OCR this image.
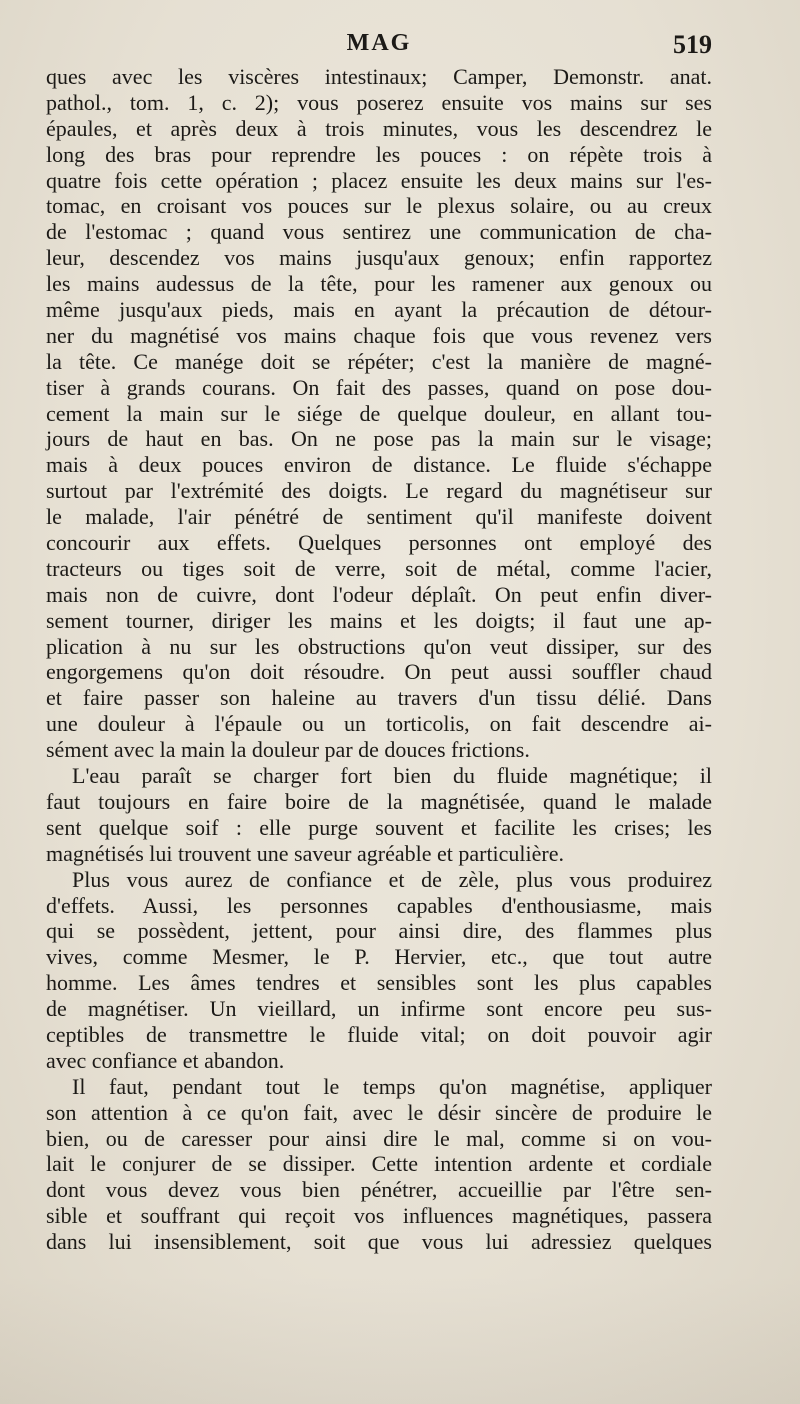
MAG	519
ques avec les viscères intestinaux; Camper, Demonstr. anat.
pathol., tom. 1, c. 2); vous poserez ensuite vos mains sur ses
épaules, et après deux à trois minutes, vous les descendrez le
long des bras pour reprendre les pouces : on répète trois à
quatre fois cette opération ; placez ensuite les deux mains sur l'es-
tomac, en croisant vos pouces sur le plexus solaire, ou au creux
de l'estomac ; quand vous sentirez une communication de cha-
leur, descendez vos mains jusqu'aux genoux; enfin rapportez
les mains audessus de la tête, pour les ramener aux genoux ou
même jusqu'aux pieds, mais en ayant la précaution de détour-
ner du magnétisé vos mains chaque fois que vous revenez vers
la tête. Ce manége doit se répéter; c'est la manière de magné-
tiser à grands courans. On fait des passes, quand on pose dou-
cement la main sur le siége de quelque douleur, en allant tou-
jours de haut en bas. On ne pose pas la main sur le visage;
mais à deux pouces environ de distance. Le fluide s'échappe
surtout par l'extrémité des doigts. Le regard du magnétiseur sur
le malade, l'air pénétré de sentiment qu'il manifeste doivent
concourir aux effets. Quelques personnes ont employé des
tracteurs ou tiges soit de verre, soit de métal, comme l'acier,
mais non de cuivre, dont l'odeur déplaît. On peut enfin diver-
sement tourner, diriger les mains et les doigts; il faut une ap-
plication à nu sur les obstructions qu'on veut dissiper, sur des
engorgemens qu'on doit résoudre. On peut aussi souffler chaud
et faire passer son haleine au travers d'un tissu délié. Dans
une douleur à l'épaule ou un torticolis, on fait descendre ai-
sément avec la main la douleur par de douces frictions.
L'eau paraît se charger fort bien du fluide magnétique; il
faut toujours en faire boire de la magnétisée, quand le malade
sent quelque soif : elle purge souvent et facilite les crises; les
magnétisés lui trouvent une saveur agréable et particulière.
Plus vous aurez de confiance et de zèle, plus vous produirez
d'effets. Aussi, les personnes capables d'enthousiasme, mais
qui se possèdent, jettent, pour ainsi dire, des flammes plus
vives, comme Mesmer, le P. Hervier, etc., que tout autre
homme. Les âmes tendres et sensibles sont les plus capables
de magnétiser. Un vieillard, un infirme sont encore peu sus-
ceptibles de transmettre le fluide vital; on doit pouvoir agir
avec confiance et abandon.
Il faut, pendant tout le temps qu'on magnétise, appliquer
son attention à ce qu'on fait, avec le désir sincère de produire le
bien, ou de caresser pour ainsi dire le mal, comme si on vou-
lait le conjurer de se dissiper. Cette intention ardente et cordiale
dont vous devez vous bien pénétrer, accueillie par l'être sen-
sible et souffrant qui reçoit vos influences magnétiques, passera
dans lui insensiblement, soit que vous lui adressiez quelques
